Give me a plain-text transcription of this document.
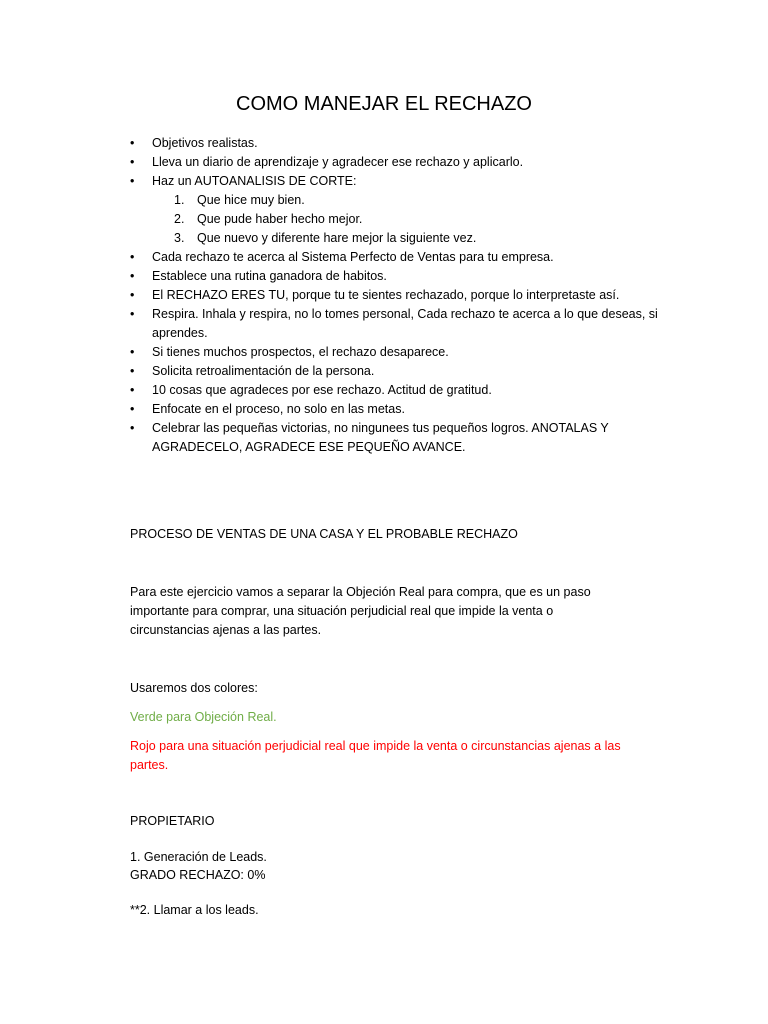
COMO MANEJAR EL RECHAZO
• Objetivos realistas.
• Lleva un diario de aprendizaje y agradecer ese rechazo y aplicarlo.
• Haz un AUTOANALISIS DE CORTE:
1. Que hice muy bien.
2. Que pude haber hecho mejor.
3. Que nuevo y diferente hare mejor la siguiente vez.
• Cada rechazo te acerca al Sistema Perfecto de Ventas para tu empresa.
• Establece una rutina ganadora de habitos.
• El RECHAZO ERES TU, porque tu te sientes rechazado, porque lo interpretaste así.
• Respira. Inhala y respira, no lo tomes personal, Cada rechazo te acerca a lo que deseas, si aprendes.
• Si tienes muchos prospectos, el rechazo desaparece.
• Solicita retroalimentación de la persona.
• 10 cosas que agradeces por ese rechazo. Actitud de gratitud.
• Enfocate en el proceso, no solo en las metas.
• Celebrar las pequeñas victorias, no ningunees tus pequeños logros. ANOTALAS Y AGRADECELO, AGRADECE ESE PEQUEÑO AVANCE.

PROCESO DE VENTAS DE UNA CASA Y EL PROBABLE RECHAZO

Para este ejercicio vamos a separar la Objeción Real para compra, que es un paso importante para comprar, una situación perjudicial real que impide la venta o circunstancias ajenas a las partes.

Usaremos dos colores:

Verde para Objeción Real.

Rojo para una situación perjudicial real que impide la venta o circunstancias ajenas a las partes.

PROPIETARIO

1. Generación de Leads.

GRADO RECHAZO: 0%

**2. Llamar a los leads.
